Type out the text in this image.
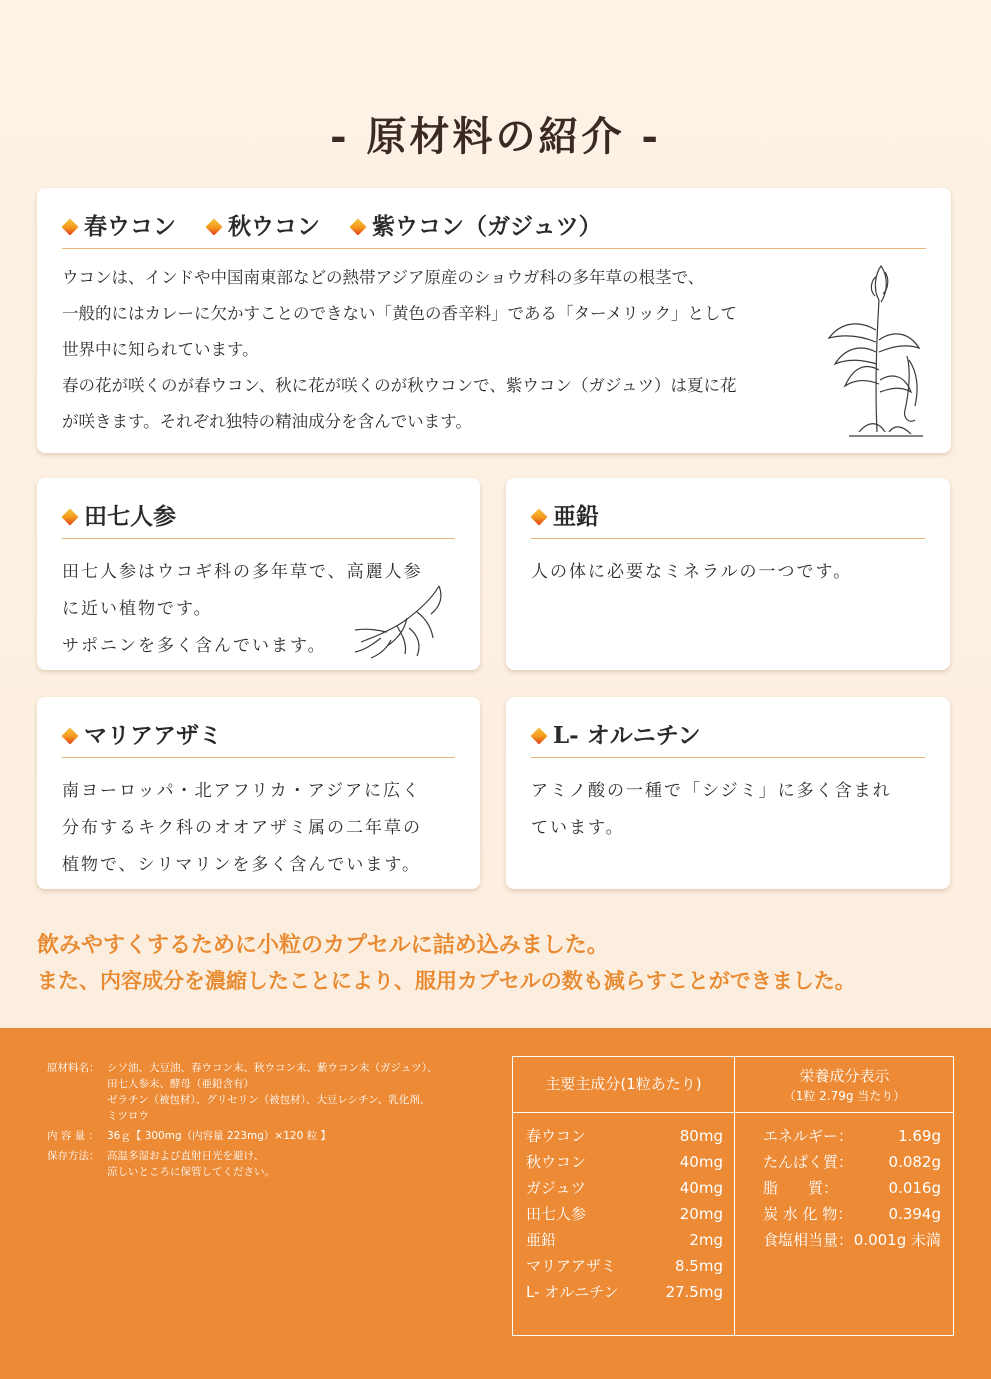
- 原材料の紹介 -
春ウコン 秋ウコン 紫ウコン（ガジュツ）
ウコンは、インドや中国南東部などの熱帯アジア原産のショウガ科の多年草の根茎で、
一般的にはカレーに欠かすことのできない「黄色の香辛料」である「ターメリック」として
世界中に知られています。
春の花が咲くのが春ウコン、秋に花が咲くのが秋ウコンで、紫ウコン（ガジュツ）は夏に花
が咲きます。それぞれ独特の精油成分を含んでいます。
田七人参
田七人参はウコギ科の多年草で、高麗人参
に近い植物です。
サポニンを多く含んでいます。
亜鉛
人の体に必要なミネラルの一つです。
マリアアザミ
南ヨーロッパ・北アフリカ・アジアに広く
分布するキク科のオオアザミ属の二年草の
植物で、シリマリンを多く含んでいます。
L- オルニチン
アミノ酸の一種で「シジミ」に多く含まれ
ています。
飲みやすくするために小粒のカプセルに詰め込みました。
また、内容成分を濃縮したことにより、服用カプセルの数も減らすことができました。
原材料名： シソ油、大豆油、春ウコン末、秋ウコン末、紫ウコン末（ガジュツ）、
田七人参末、酵母（亜鉛含有）
ゼラチン（被包材）、グリセリン（被包材）、大豆レシチン、乳化剤、
ミツロウ
内 容 量 ： 36ｇ【 300mg（内容量 223mg）×120 粒 】
保存方法： 高温多湿および直射日光を避け、
涼しいところに保管してください。
主要主成分(1粒あたり)	栄養成分表示
（1粒 2.79g 当たり）
春ウコン	80mg
秋ウコン	40mg
ガジュツ	40mg
田七人参	20mg
亜鉛	2mg
マリアアザミ	8.5mg
L- オルニチン	27.5mg
エネルギー：	1.69g
たんぱく質： 0.082g
脂　　質：	0.016g
炭 水 化 物： 0.394g
食塩相当量： 0.001g 未満
